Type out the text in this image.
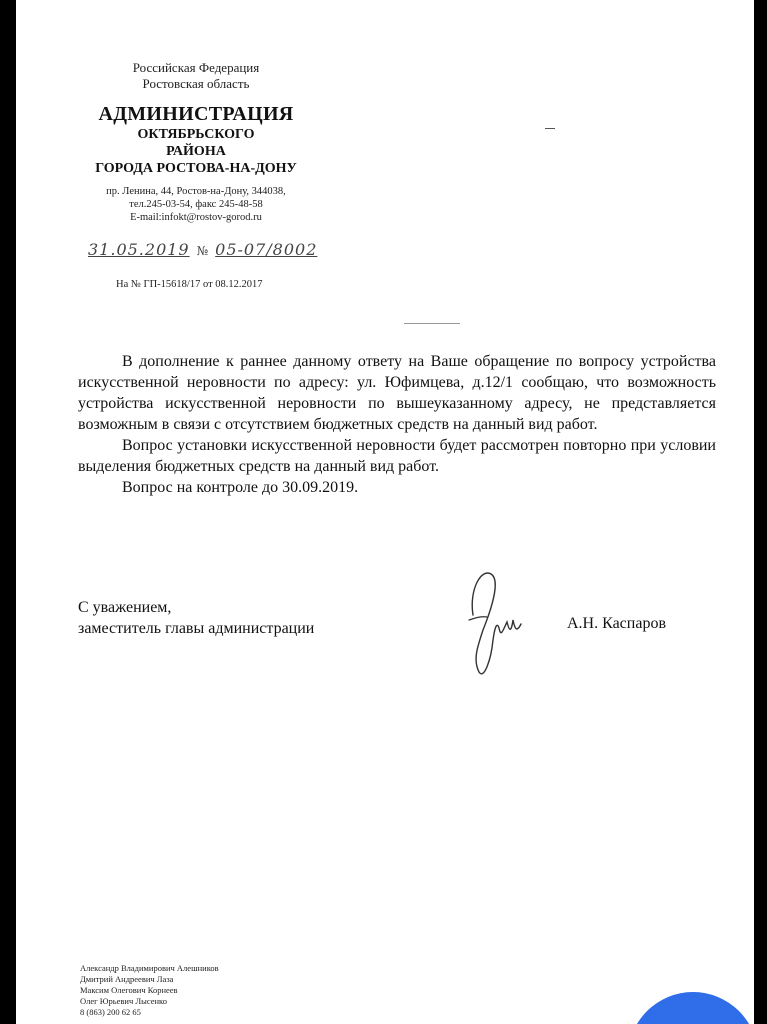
Российская Федерация
Ростовская область
АДМИНИСТРАЦИЯ
ОКТЯБРЬСКОГО
РАЙОНА
ГОРОДА РОСТОВА-НА-ДОНУ
пр. Ленина, 44, Ростов-на-Дону, 344038,
тел.245-03-54, факс 245-48-58
E-mail:infokt@rostov-gorod.ru
31.05.2019 № 05-07/8002
На № ГП-15618/17 от 08.12.2017

В дополнение к раннее данному ответу на Ваше обращение по вопросу устройства искусственной неровности по адресу: ул. Юфимцева, д.12/1 сообщаю, что возможность устройства искусственной неровности по вышеуказанному адресу, не представляется возможным в связи с отсутствием бюджетных средств на данный вид работ.

Вопрос установки искусственной неровности будет рассмотрен повторно при условии выделения бюджетных средств на данный вид работ.

Вопрос на контроле до 30.09.2019.

С уважением,
заместитель главы администрации	А.Н. Каспаров
Александр Владимирович Алешников
Дмитрий Андреевич Лаза
Максим Олегович Корнеев
Олег Юрьевич Лысенко
8 (863) 200 62 65
